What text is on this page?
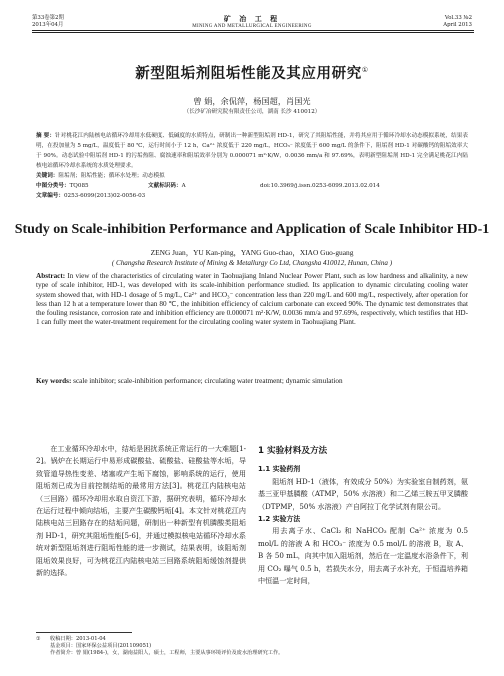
第33卷第2期
2013年04月
矿 冶 工 程
MINING AND METALLURGICAL ENGINEERING
Vol.33 №2
April 2013
新型阻垢剂阻垢性能及其应用研究①
曾 娟，余侃萍，杨国超，肖国光
（长沙矿冶研究院有限责任公司，湖南 长沙 410012）
摘 要：针对桃花江内陆核电站循环冷却用水低硬度、低碱度的水质特点，研制出一种新型阻垢剂 HD-1，研究了其阻垢性能，并将其应用于循环冷却水动态模拟系统，结果表明，在投加量为 5 mg/L，温度低于 80 ℃，运行时间小于 12 h，Ca²⁺ 浓度低于 220 mg/L，HCO₃⁻ 浓度低于 600 mg/L 的条件下，阻垢剂 HD-1 对碳酸钙的阻垢效率大于 90%。动态试验中阻垢剂 HD-1 的污垢热阻、腐蚀速率和阻垢效率分别为 0.000071 m²·K/W，0.0036 mm/a 和 97.69%，表明新型阻垢剂 HD-1 完全满足桃花江内陆核电站循环冷却水系统的水质处理要求。
关键词：阻垢剂；阻垢性能；循环水处理；动态模拟
中图分类号：TQ085	文献标识码：A	doi:10.3969/j.issn.0253-6099.2013.02.014
文章编号：0253-6099(2013)02-0056-03
Study on Scale-inhibition Performance and Application of Scale Inhibitor HD-1
ZENG Juan，YU Kan-ping，YANG Guo-chao，XIAO Guo-guang
( Changsha Research Institute of Mining & Metallurgy Co Ltd, Changsha 410012, Hunan, China )
Abstract: In view of the characteristics of circulating water in Taohuajiang Inland Nuclear Power Plant, such as low hardness and alkalinity, a new type of scale inhibitor, HD-1, was developed with its scale-inhibition performance studied. Its application to dynamic circulating cooling water system showed that, with HD-1 dosage of 5 mg/L, Ca²⁺ and HCO₃⁻ concentration less than 220 mg/L and 600 mg/L, respectively, after operation for less than 12 h at a temperature lower than 80 ℃, the inhibition efficiency of calcium carbonate can exceed 90%. The dynamic test demonstrates that the fouling resistance, corrosion rate and inhibition efficiency are 0.000071 m²·K/W, 0.0036 mm/a and 97.69%, respectively, which testifies that HD-1 can fully meet the water-treatment requirement for the circulating cooling water system in Taohuajiang Plant.
Key words: scale inhibitor; scale-inhibition performance; circulating water treatment; dynamic simulation

在工业循环冷却水中，结垢是困扰系统正常运行的一大难题[1-2]。锅炉在长期运行中易形成碳酸盐、硫酸盐、硅酸盐等水垢，导致管道导热性变差、堵塞或产生垢下腐蚀，影响系统的运行，使用阻垢剂已成为目前控制结垢的最常用方法[3]。桃花江内陆核电站（三回路）循环冷却用水取自资江下游，据研究表明，循环冷却水在运行过程中倾向结垢，主要产生碳酸钙垢[4]。本文针对桃花江内陆核电站三回路存在的结垢问题，研制出一种新型有机膦酸类阻垢剂 HD-1，研究其阻垢性能[5-6]，并通过模拟核电站循环冷却水系统对新型阻垢剂进行阻垢性能的进一步测试，结果表明，该阻垢剂阻垢效果良好，可为桃花江内陆核电站三回路系统阻垢缓蚀剂提供新的选择。

1 实验材料及方法
1.1 实验药剂

阻垢剂 HD-1（液体，有效成分 50%）为实验室自制药剂，氨基三亚甲基膦酸（ATMP，50% 水溶液）和二乙烯三胺五甲叉膦酸（DTPMP，50% 水溶液）产自阿拉丁化学试剂有限公司。

1.2 实验方法

用去离子水、CaCl₂ 和 NaHCO₃ 配制 Ca²⁺ 浓度为 0.5 mol/L 的溶液 A 和 HCO₃⁻ 浓度为 0.5 mol/L 的溶液 B，取 A、B 各 50 mL，向其中加入阻垢剂，然后在一定温度水浴条件下，利用 CO₂ 曝气 0.5 h，若损失水分，用去离子水补充，于恒温培养箱中恒温一定时间，

① 收稿日期：2013-01-04
基金项目：国家环保公益项目(201109051)
作者简介：曾 娟(1984-)，女，湖南益阳人，硕士，工程师，主要从事环境评价及废水治理研究工作。
